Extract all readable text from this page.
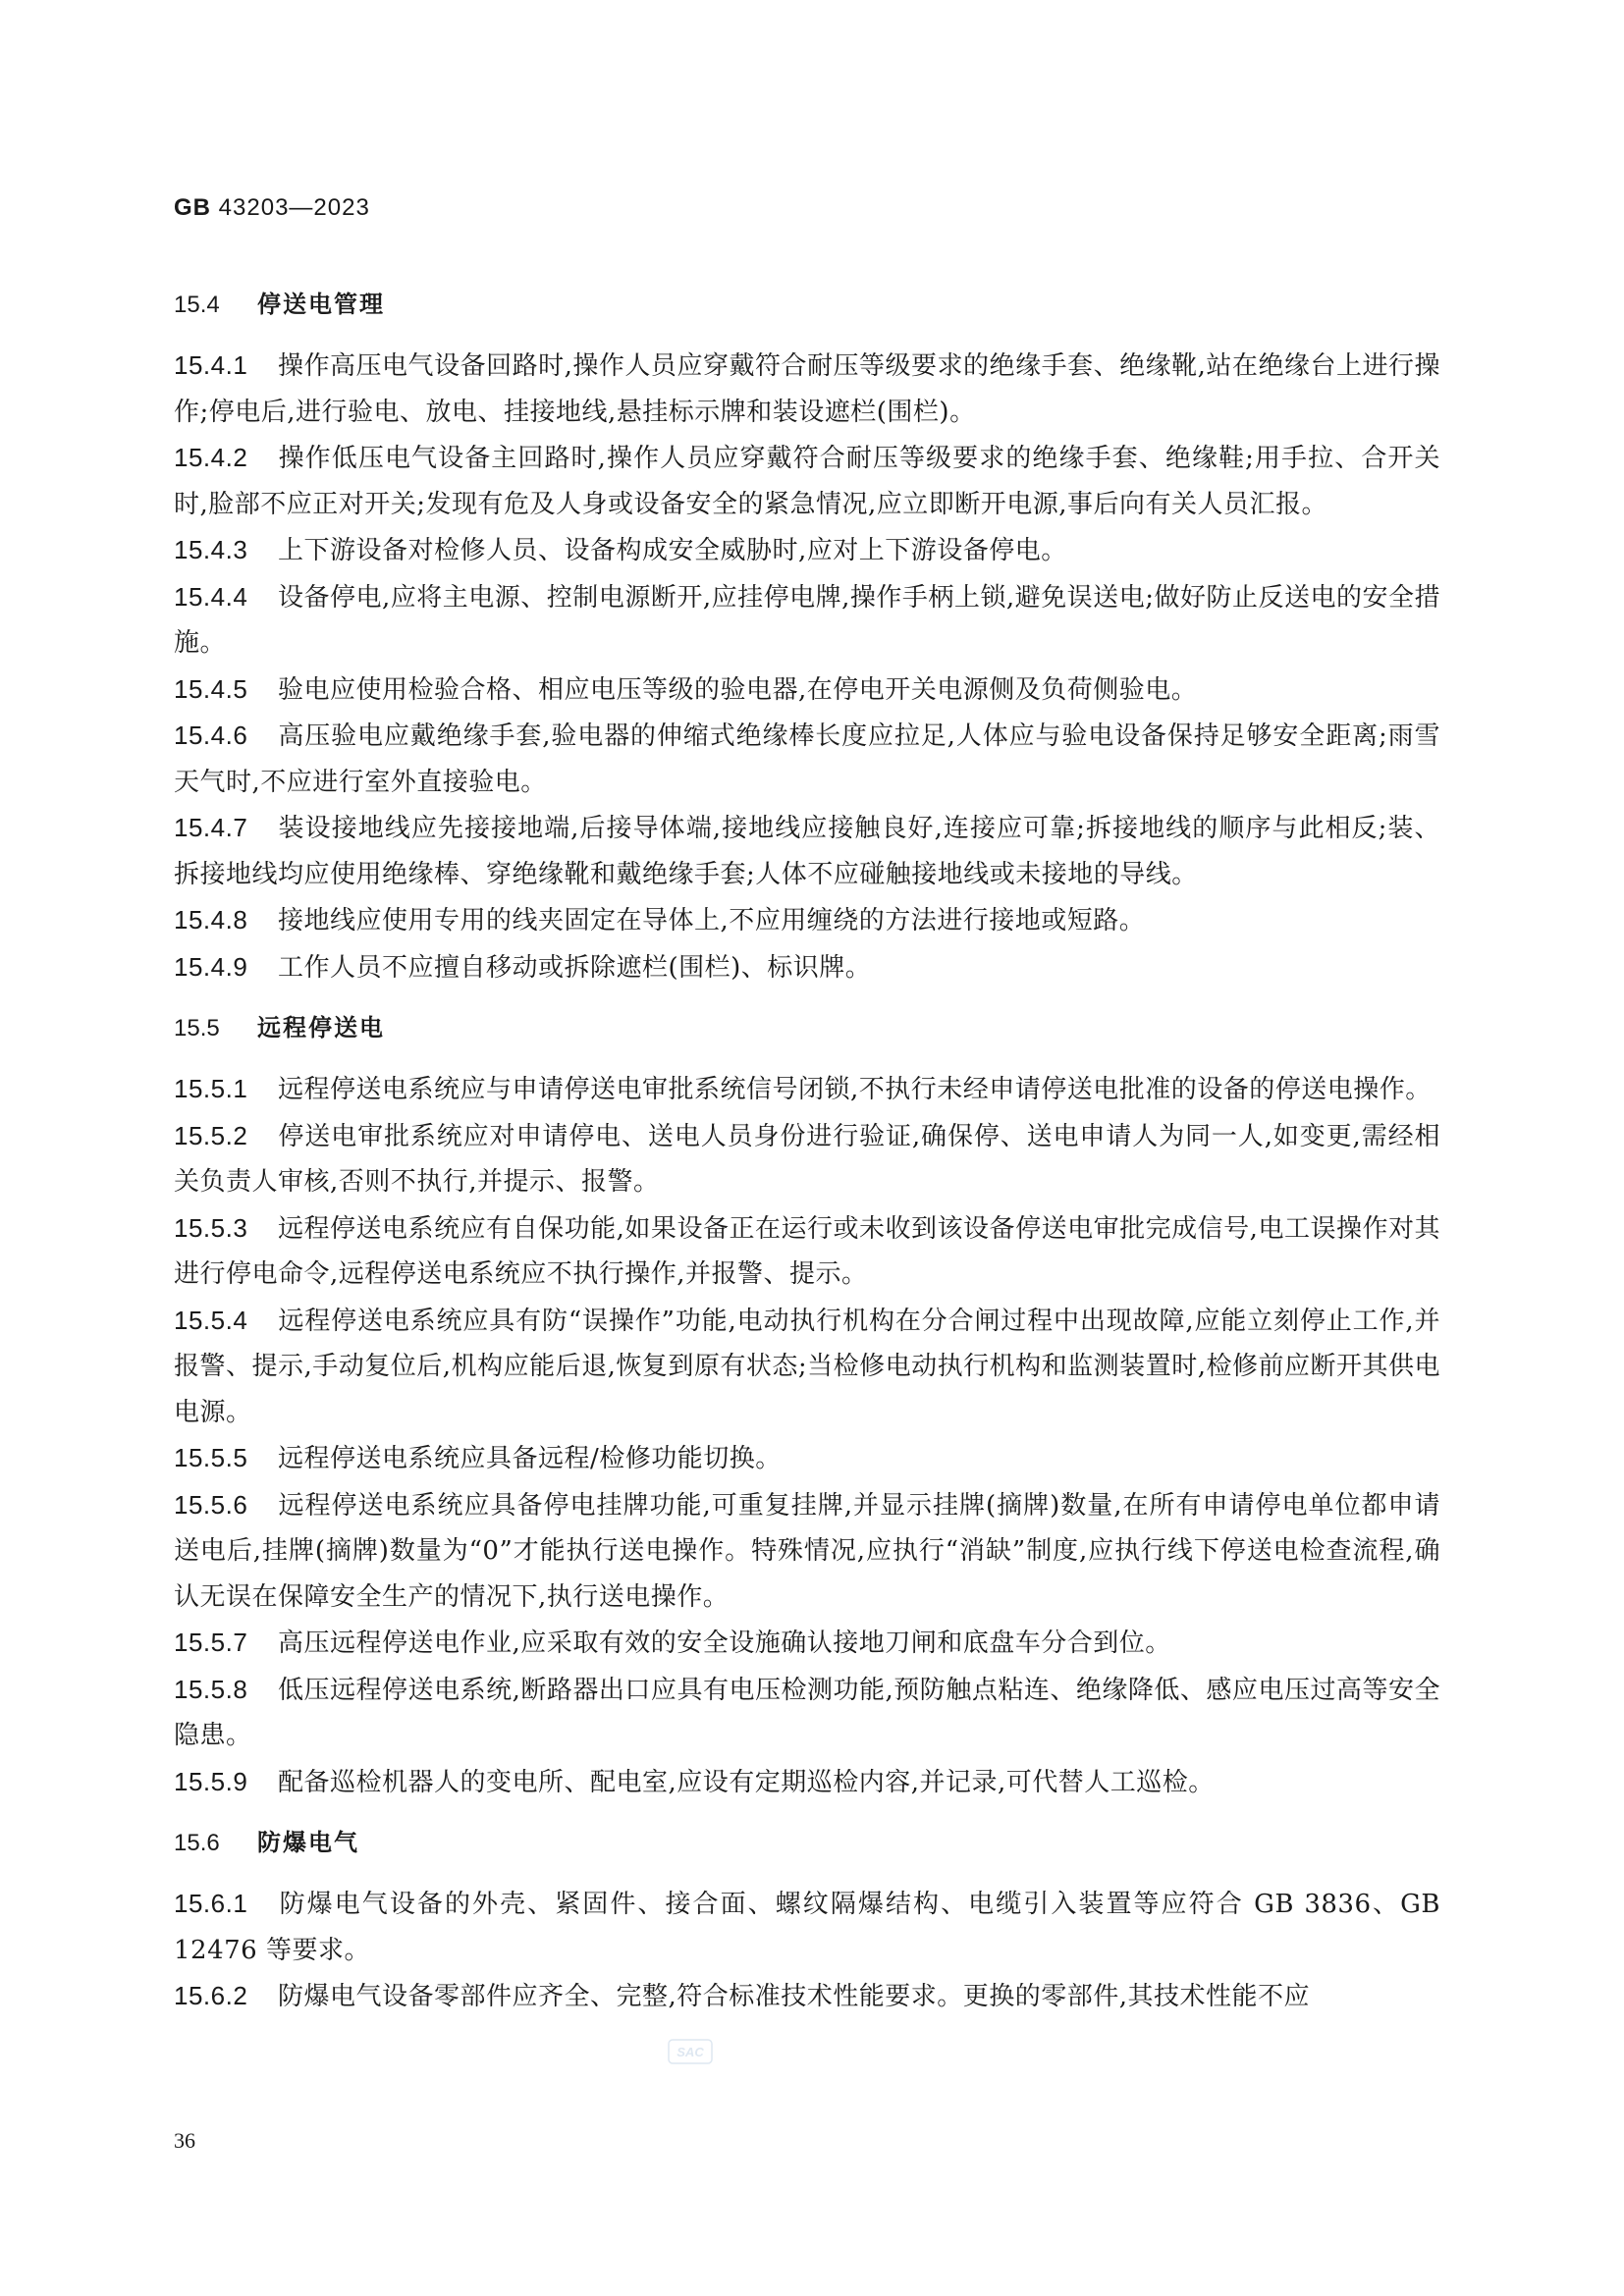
GB 43203—2023
15.4 停送电管理

15.4.1 操作高压电气设备回路时,操作人员应穿戴符合耐压等级要求的绝缘手套、绝缘靴,站在绝缘台上进行操作;停电后,进行验电、放电、挂接地线,悬挂标示牌和装设遮栏(围栏)。

15.4.2 操作低压电气设备主回路时,操作人员应穿戴符合耐压等级要求的绝缘手套、绝缘鞋;用手拉、合开关时,脸部不应正对开关;发现有危及人身或设备安全的紧急情况,应立即断开电源,事后向有关人员汇报。

15.4.3 上下游设备对检修人员、设备构成安全威胁时,应对上下游设备停电。

15.4.4 设备停电,应将主电源、控制电源断开,应挂停电牌,操作手柄上锁,避免误送电;做好防止反送电的安全措施。

15.4.5 验电应使用检验合格、相应电压等级的验电器,在停电开关电源侧及负荷侧验电。

15.4.6 高压验电应戴绝缘手套,验电器的伸缩式绝缘棒长度应拉足,人体应与验电设备保持足够安全距离;雨雪天气时,不应进行室外直接验电。

15.4.7 装设接地线应先接接地端,后接导体端,接地线应接触良好,连接应可靠;拆接地线的顺序与此相反;装、拆接地线均应使用绝缘棒、穿绝缘靴和戴绝缘手套;人体不应碰触接地线或未接地的导线。

15.4.8 接地线应使用专用的线夹固定在导体上,不应用缠绕的方法进行接地或短路。

15.4.9 工作人员不应擅自移动或拆除遮栏(围栏)、标识牌。

15.5 远程停送电

15.5.1 远程停送电系统应与申请停送电审批系统信号闭锁,不执行未经申请停送电批准的设备的停送电操作。

15.5.2 停送电审批系统应对申请停电、送电人员身份进行验证,确保停、送电申请人为同一人,如变更,需经相关负责人审核,否则不执行,并提示、报警。

15.5.3 远程停送电系统应有自保功能,如果设备正在运行或未收到该设备停送电审批完成信号,电工误操作对其进行停电命令,远程停送电系统应不执行操作,并报警、提示。

15.5.4 远程停送电系统应具有防“误操作”功能,电动执行机构在分合闸过程中出现故障,应能立刻停止工作,并报警、提示,手动复位后,机构应能后退,恢复到原有状态;当检修电动执行机构和监测装置时,检修前应断开其供电电源。

15.5.5 远程停送电系统应具备远程/检修功能切换。

15.5.6 远程停送电系统应具备停电挂牌功能,可重复挂牌,并显示挂牌(摘牌)数量,在所有申请停电单位都申请送电后,挂牌(摘牌)数量为“0”才能执行送电操作。特殊情况,应执行“消缺”制度,应执行线下停送电检查流程,确认无误在保障安全生产的情况下,执行送电操作。

15.5.7 高压远程停送电作业,应采取有效的安全设施确认接地刀闸和底盘车分合到位。

15.5.8 低压远程停送电系统,断路器出口应具有电压检测功能,预防触点粘连、绝缘降低、感应电压过高等安全隐患。

15.5.9 配备巡检机器人的变电所、配电室,应设有定期巡检内容,并记录,可代替人工巡检。

15.6 防爆电气

15.6.1 防爆电气设备的外壳、紧固件、接合面、螺纹隔爆结构、电缆引入装置等应符合 GB 3836、GB 12476 等要求。

15.6.2 防爆电气设备零部件应齐全、完整,符合标准技术性能要求。更换的零部件,其技术性能不应

SAC
36
